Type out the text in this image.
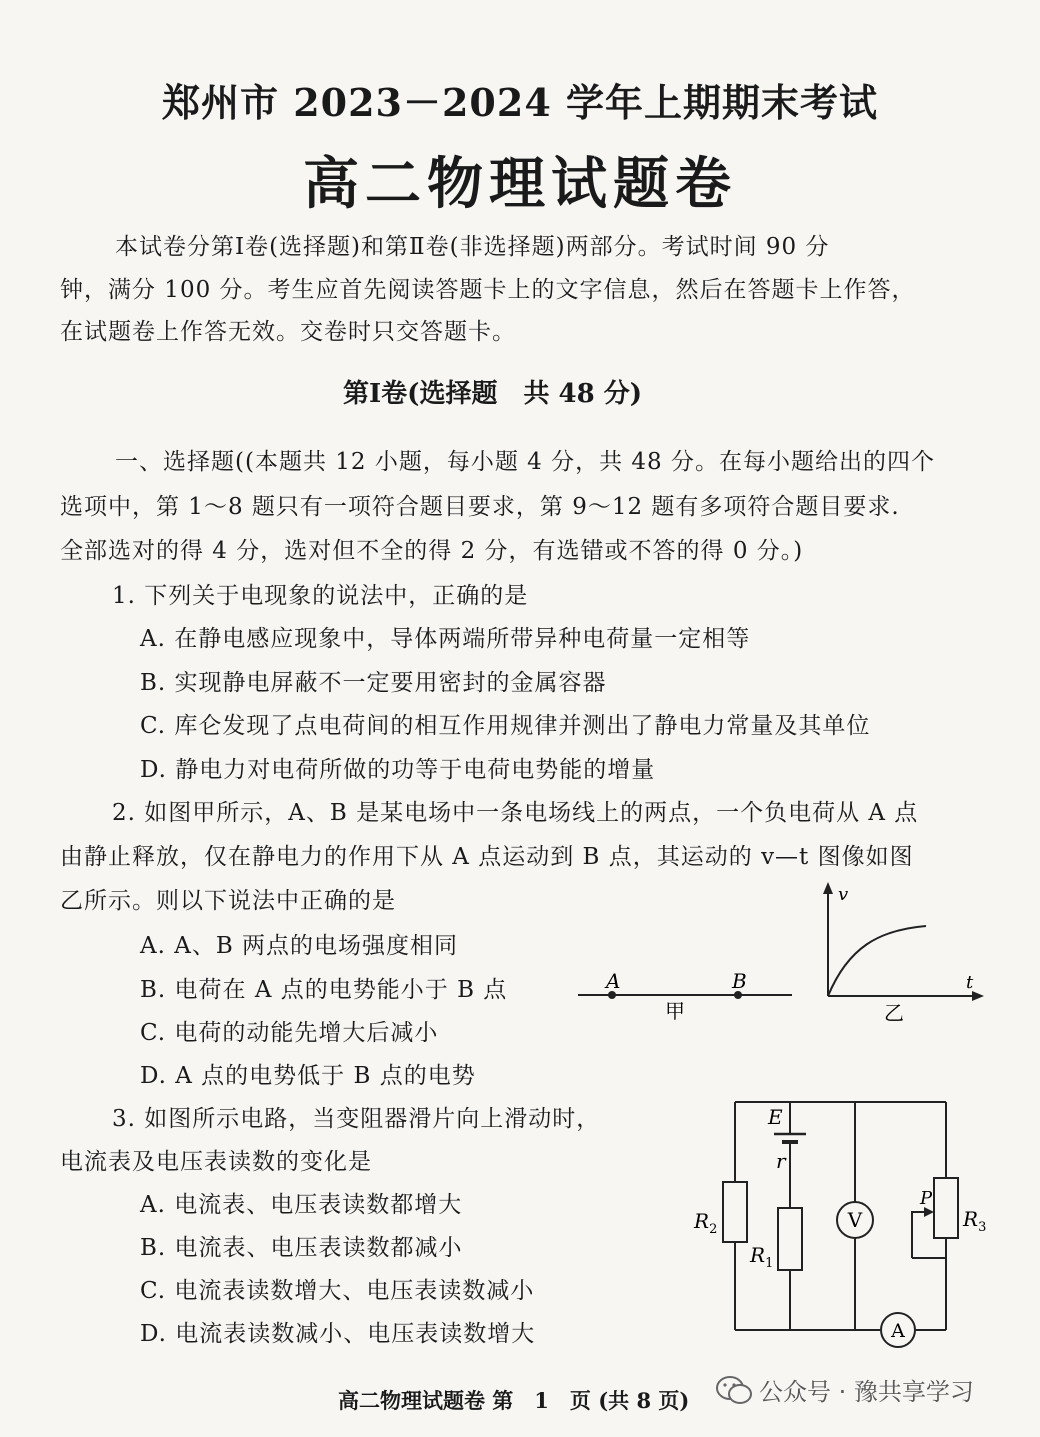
郑州市 2023－2024 学年上期期末考试
高二物理试题卷
本试卷分第Ⅰ卷(选择题)和第Ⅱ卷(非选择题)两部分。考试时间 90 分
钟，满分 100 分。考生应首先阅读答题卡上的文字信息，然后在答题卡上作答，
在试题卷上作答无效。交卷时只交答题卡。
第Ⅰ卷(选择题　共 48 分)
一、选择题((本题共 12 小题，每小题 4 分，共 48 分。在每小题给出的四个
选项中，第 1～8 题只有一项符合题目要求，第 9～12 题有多项符合题目要求.
全部选对的得 4 分，选对但不全的得 2 分，有选错或不答的得 0 分。)
1. 下列关于电现象的说法中，正确的是
A. 在静电感应现象中，导体两端所带异种电荷量一定相等
B. 实现静电屏蔽不一定要用密封的金属容器
C. 库仑发现了点电荷间的相互作用规律并测出了静电力常量及其单位
D. 静电力对电荷所做的功等于电荷电势能的增量
2. 如图甲所示，A、B 是某电场中一条电场线上的两点，一个负电荷从 A 点
由静止释放，仅在静电力的作用下从 A 点运动到 B 点，其运动的 v—t 图像如图
乙所示。则以下说法中正确的是
A. A、B 两点的电场强度相同
B. 电荷在 A 点的电势能小于 B 点
C. 电荷的动能先增大后减小
D. A 点的电势低于 B 点的电势
A	B
甲
v
t
乙
3. 如图所示电路，当变阻器滑片向上滑动时，
电流表及电压表读数的变化是
A. 电流表、电压表读数都增大
B. 电流表、电压表读数都减小
C. 电流表读数增大、电压表读数减小
D. 电流表读数减小、电压表读数增大
E
r
$R_2$
$R_1$
$R_3$
P
V
A
高二物理试题卷 第　1　页 (共 8 页)	公众号 · 豫共享学习
